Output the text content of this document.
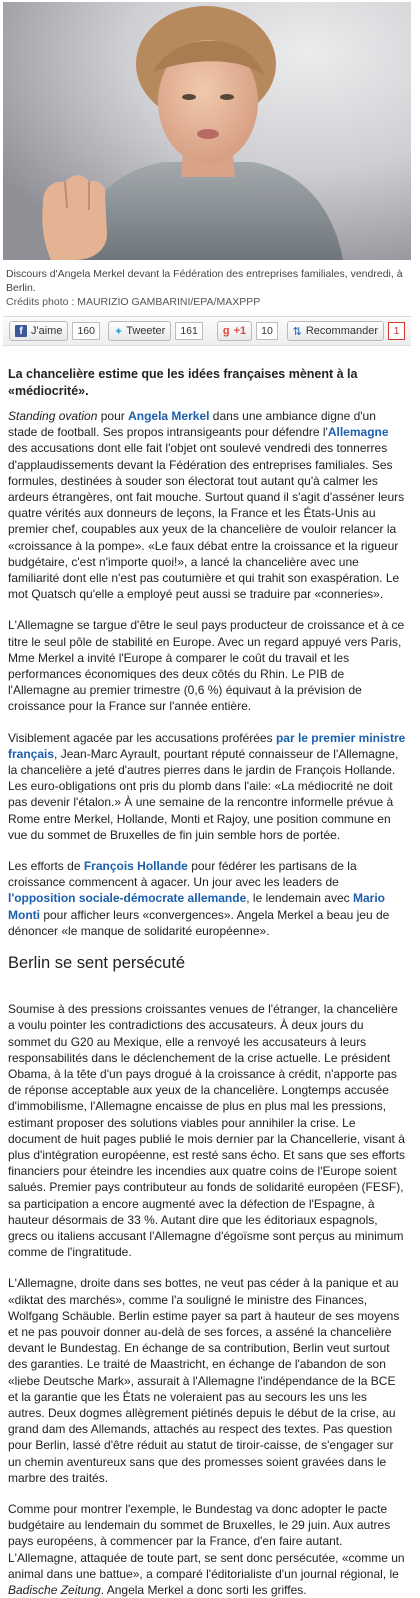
Discours d'Angela Merkel devant la Fédération des entreprises familiales, vendredi, à Berlin.
Crédits photo : MAURIZIO GAMBARINI/EPA/MAXPPP
f J'aime	160	✦ Tweeter	161	g +1	10	⇅ Recommander	1
La chancelière estime que les idées françaises mènent à la «médiocrité».

Standing ovation pour Angela Merkel dans une ambiance digne d'un stade de football. Ses propos intransigeants pour défendre l'Allemagne des accusations dont elle fait l'objet ont soulevé vendredi des tonnerres d'applaudissements devant la Fédération des entreprises familiales. Ses formules, destinées à souder son électorat tout autant qu'à calmer les ardeurs étrangères, ont fait mouche. Surtout quand il s'agit d'asséner leurs quatre vérités aux donneurs de leçons, la France et les États-Unis au premier chef, coupables aux yeux de la chancelière de vouloir relancer la «croissance à la pompe». «Le faux débat entre la croissance et la rigueur budgétaire, c'est n'importe quoi!», a lancé la chancelière avec une familiarité dont elle n'est pas coutumière et qui trahit son exaspération. Le mot Quatsch qu'elle a employé peut aussi se traduire par «conneries».

L'Allemagne se targue d'être le seul pays producteur de croissance et à ce titre le seul pôle de stabilité en Europe. Avec un regard appuyé vers Paris, Mme Merkel a invité l'Europe à comparer le coût du travail et les performances économiques des deux côtés du Rhin. Le PIB de l'Allemagne au premier trimestre (0,6 %) équivaut à la prévision de croissance pour la France sur l'année entière.

Visiblement agacée par les accusations proférées par le premier ministre français, Jean-Marc Ayrault, pourtant réputé connaisseur de l'Allemagne, la chancelière a jeté d'autres pierres dans le jardin de François Hollande. Les euro-obligations ont pris du plomb dans l'aile: «La médiocrité ne doit pas devenir l'étalon.» À une semaine de la rencontre informelle prévue à Rome entre Merkel, Hollande, Monti et Rajoy, une position commune en vue du sommet de Bruxelles de fin juin semble hors de portée.

Les efforts de François Hollande pour fédérer les partisans de la croissance commencent à agacer. Un jour avec les leaders de l'opposition sociale-démocrate allemande, le lendemain avec Mario Monti pour afficher leurs «convergences». Angela Merkel a beau jeu de dénoncer «le manque de solidarité européenne».

Berlin se sent persécuté

Soumise à des pressions croissantes venues de l'étranger, la chancelière a voulu pointer les contradictions des accusateurs. À deux jours du sommet du G20 au Mexique, elle a renvoyé les accusateurs à leurs responsabilités dans le déclenchement de la crise actuelle. Le président Obama, à la tête d'un pays drogué à la croissance à crédit, n'apporte pas de réponse acceptable aux yeux de la chancelière. Longtemps accusée d'immobilisme, l'Allemagne encaisse de plus en plus mal les pressions, estimant proposer des solutions viables pour annihiler la crise. Le document de huit pages publié le mois dernier par la Chancellerie, visant à plus d'intégration européenne, est resté sans écho. Et sans que ses efforts financiers pour éteindre les incendies aux quatre coins de l'Europe soient salués. Premier pays contributeur au fonds de solidarité européen (FESF), sa participation a encore augmenté avec la défection de l'Espagne, à hauteur désormais de 33 %. Autant dire que les éditoriaux espagnols, grecs ou italiens accusant l'Allemagne d'égoïsme sont perçus au minimum comme de l'ingratitude.

L'Allemagne, droite dans ses bottes, ne veut pas céder à la panique et au «diktat des marchés», comme l'a souligné le ministre des Finances, Wolfgang Schäuble. Berlin estime payer sa part à hauteur de ses moyens et ne pas pouvoir donner au-delà de ses forces, a asséné la chancelière devant le Bundestag. En échange de sa contribution, Berlin veut surtout des garanties. Le traité de Maastricht, en échange de l'abandon de son «liebe Deutsche Mark», assurait à l'Allemagne l'indépendance de la BCE et la garantie que les États ne voleraient pas au secours les uns les autres. Deux dogmes allègrement piétinés depuis le début de la crise, au grand dam des Allemands, attachés au respect des textes. Pas question pour Berlin, lassé d'être réduit au statut de tiroir-caisse, de s'engager sur un chemin aventureux sans que des promesses soient gravées dans le marbre des traités.

Comme pour montrer l'exemple, le Bundestag va donc adopter le pacte budgétaire au lendemain du sommet de Bruxelles, le 29 juin. Aux autres pays européens, à commencer par la France, d'en faire autant. L'Allemagne, attaquée de toute part, se sent donc persécutée, «comme un animal dans une battue», a comparé l'éditorialiste d'un journal régional, le Badische Zeitung. Angela Merkel a donc sorti les griffes.
